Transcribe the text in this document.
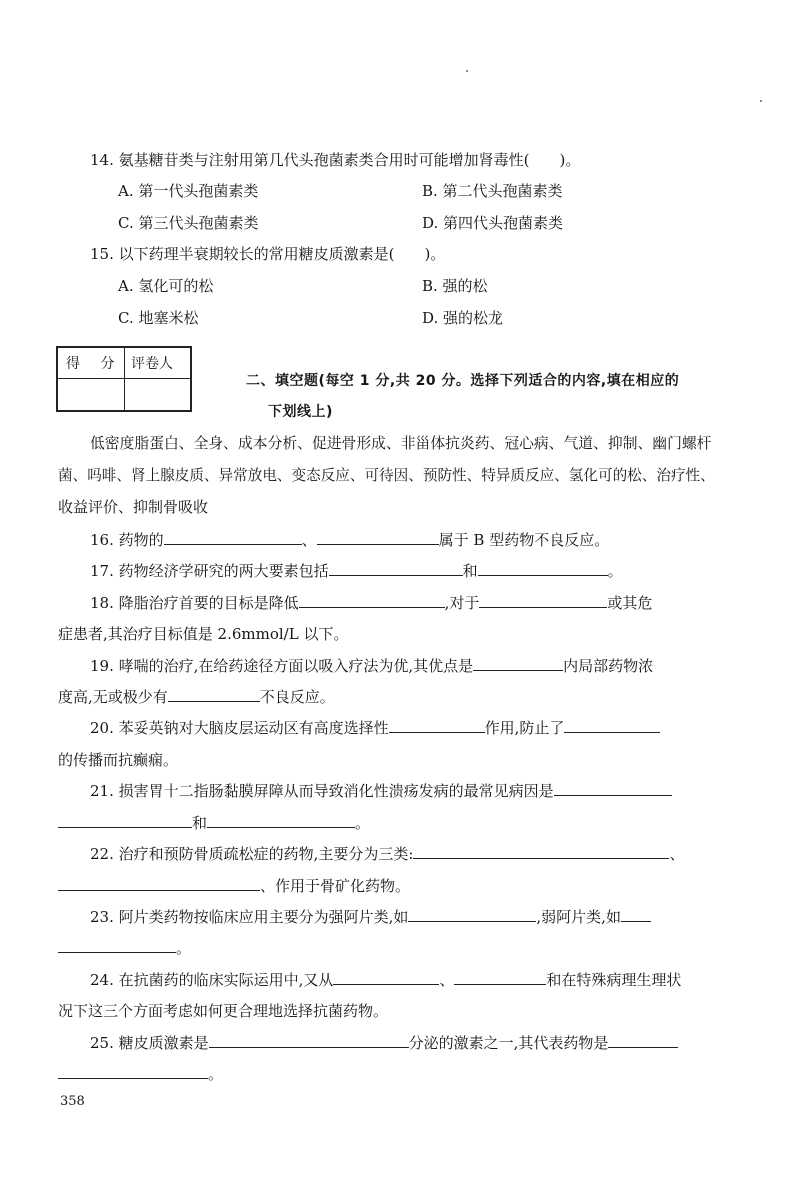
14. 氨基糖苷类与注射用第几代头孢菌素类合用时可能增加肾毒性(　　)。
A. 第一代头孢菌素类	B. 第二代头孢菌素类
C. 第三代头孢菌素类	D. 第四代头孢菌素类
15. 以下药理半衰期较长的常用糖皮质激素是(　　)。
A. 氢化可的松	B. 强的松
C. 地塞米松	D. 强的松龙
得 分 评卷人
二、填空题(每空 1 分,共 20 分。选择下列适合的内容,填在相应的
下划线上)
低密度脂蛋白、全身、成本分析、促进骨形成、非甾体抗炎药、冠心病、气道、抑制、幽门螺杆
菌、吗啡、肾上腺皮质、异常放电、变态反应、可待因、预防性、特异质反应、氢化可的松、治疗性、
收益评价、抑制骨吸收
16. 药物的	、	属于 B 型药物不良反应。
17. 药物经济学研究的两大要素包括	和	。
18. 降脂治疗首要的目标是降低	,对于	或其危
症患者,其治疗目标值是 2.6mmol/L 以下。
19. 哮喘的治疗,在给药途径方面以吸入疗法为优,其优点是	内局部药物浓
度高,无或极少有	不良反应。
20. 苯妥英钠对大脑皮层运动区有高度选择性	作用,防止了
的传播而抗癫痫。
21. 损害胃十二指肠黏膜屏障从而导致消化性溃疡发病的最常见病因是
和	。
22. 治疗和预防骨质疏松症的药物,主要分为三类:	、
、作用于骨矿化药物。
23. 阿片类药物按临床应用主要分为强阿片类,如	,弱阿片类,如
。
24. 在抗菌药的临床实际运用中,又从	、	和在特殊病理生理状
况下这三个方面考虑如何更合理地选择抗菌药物。
25. 糖皮质激素是	分泌的激素之一,其代表药物是
。
358
